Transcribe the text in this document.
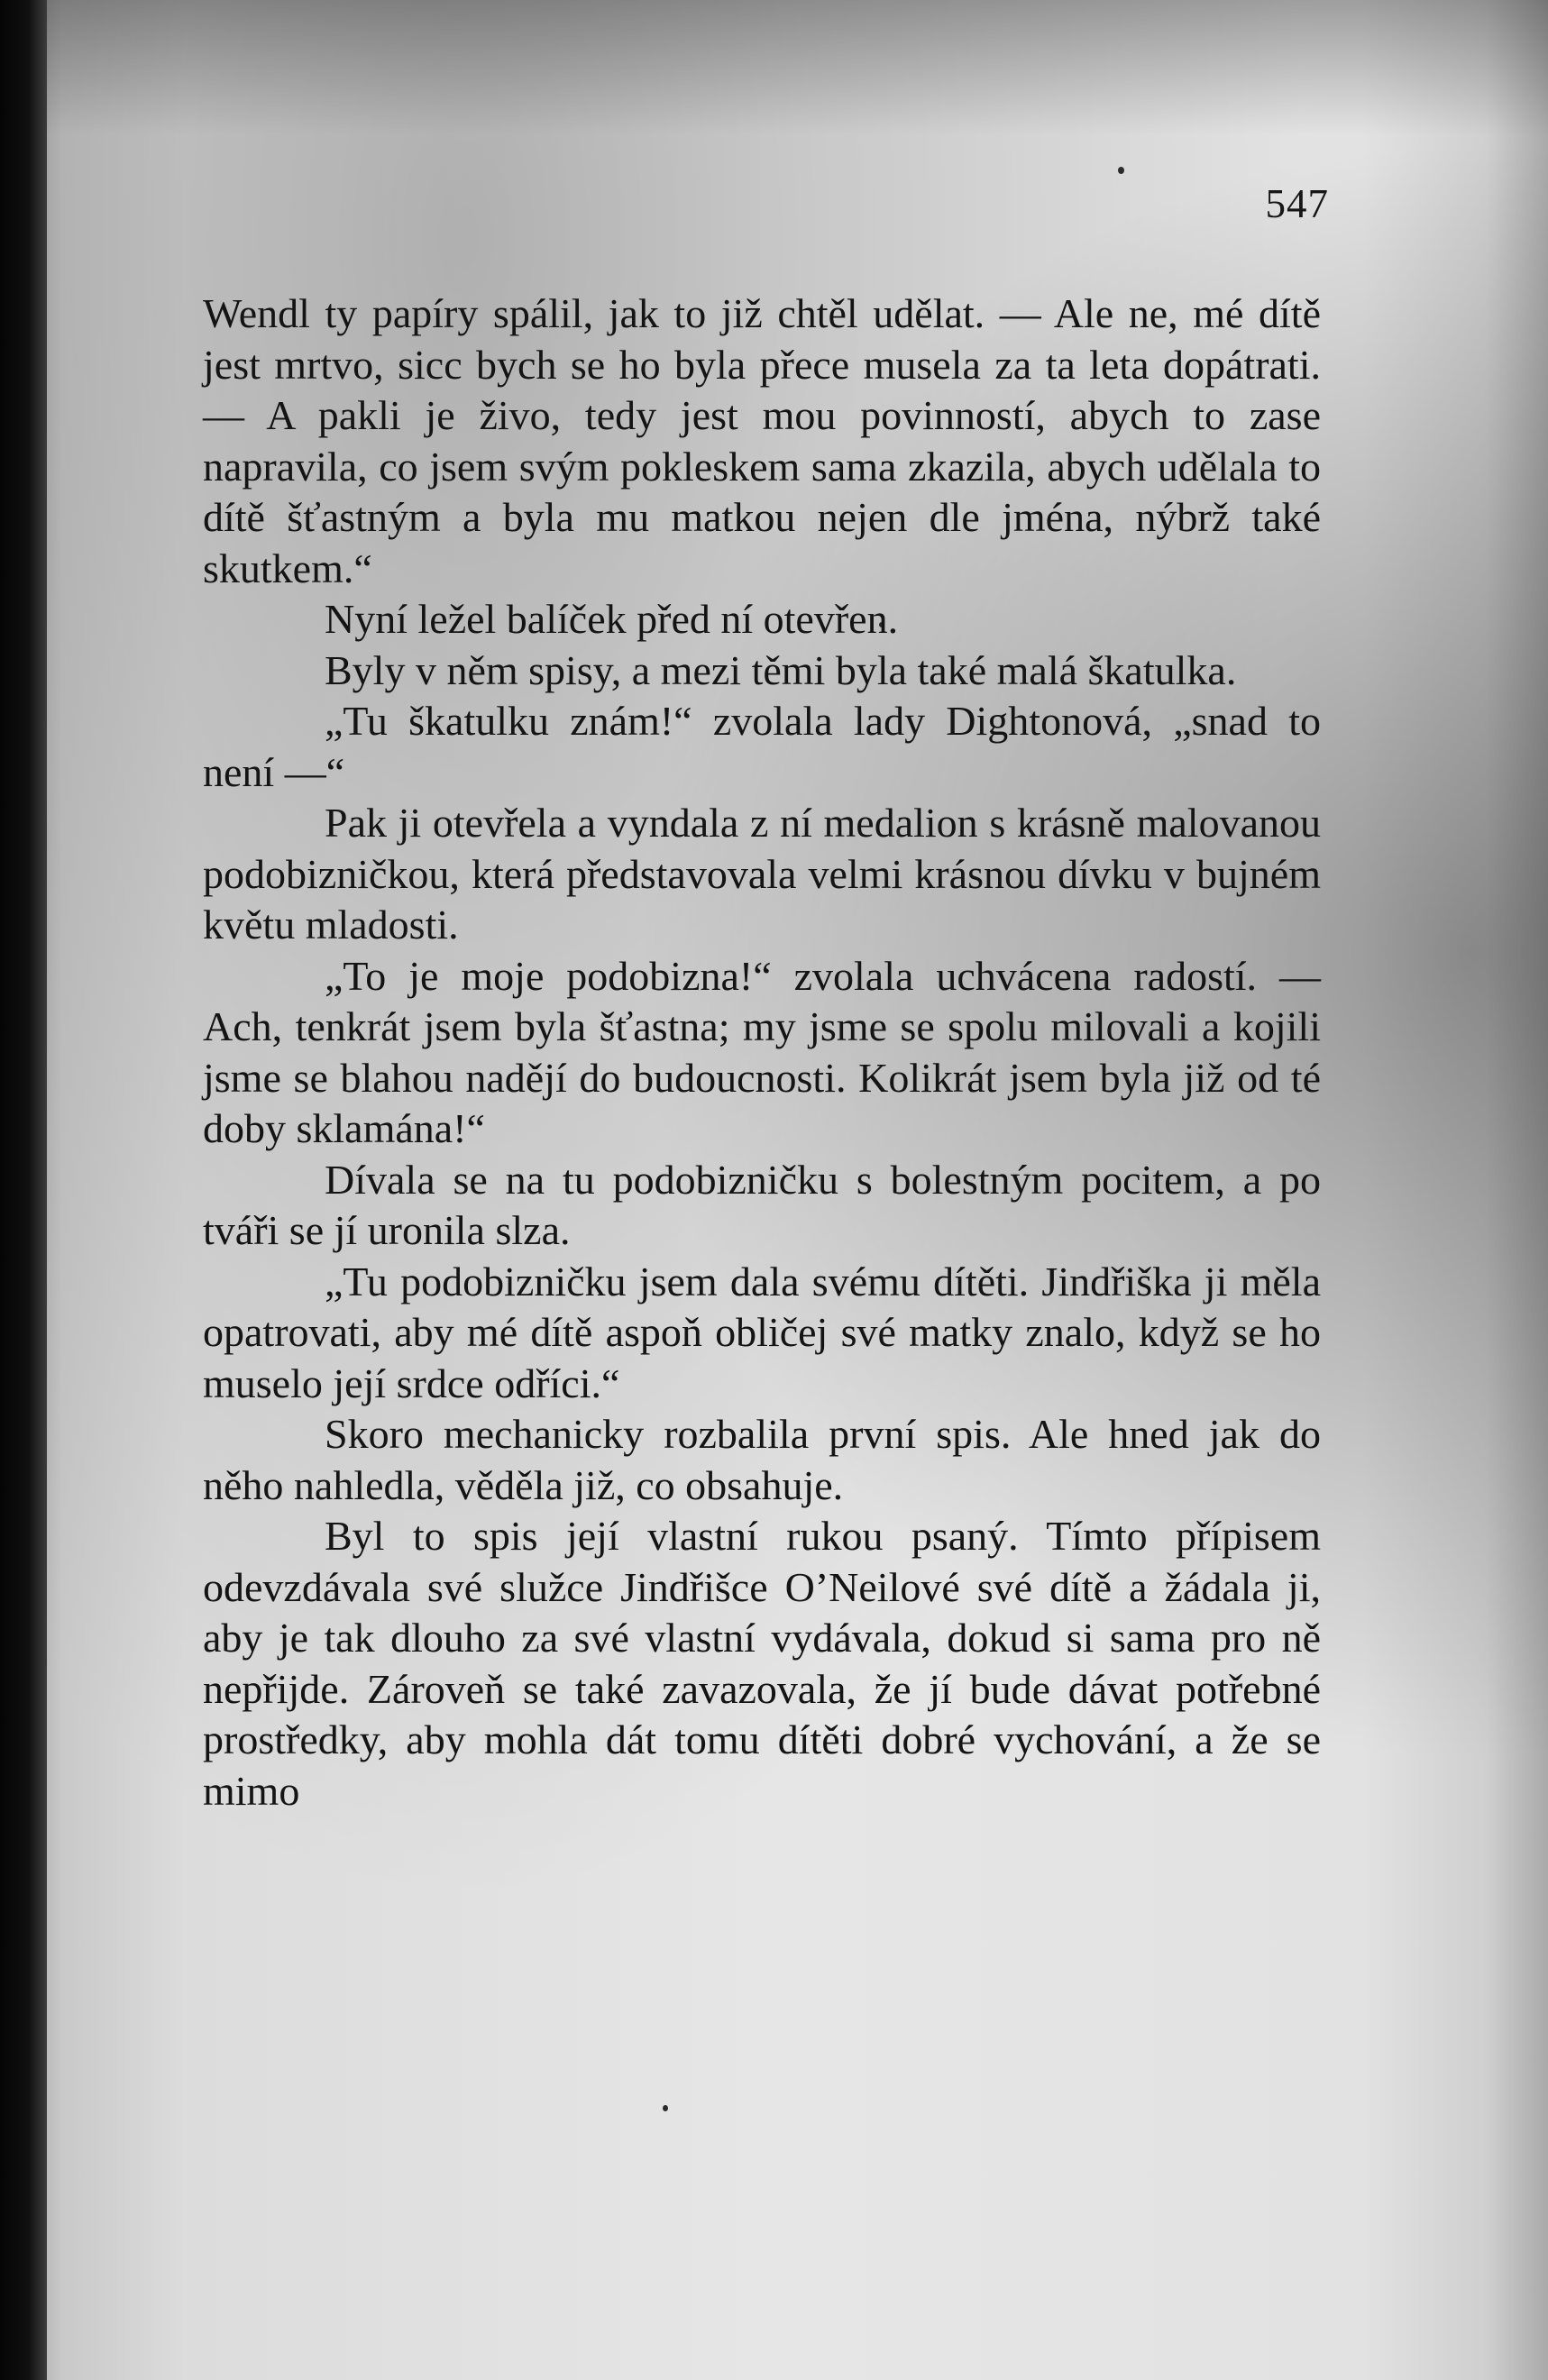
547

Wendl ty papíry spálil, jak to již chtěl udělat. — Ale ne, mé dítě jest mrtvo, sicc bych se ho byla přece musela za ta leta dopátrati. — A pakli je živo, tedy jest mou povinností, abych to zase napravila, co jsem svým pokleskem sama zkazila, abych udělala to dítě šťastným a byla mu matkou nejen dle jména, nýbrž také skutkem.“

Nyní ležel balíček před ní otevřen.

Byly v něm spisy, a mezi těmi byla také malá škatulka.

„Tu škatulku znám!“ zvolala lady Dightonová, „snad to není —“

Pak ji otevřela a vyndala z ní medalion s krásně malovanou podobizničkou, která představovala velmi krásnou dívku v bujném květu mladosti.

„To je moje podobizna!“ zvolala uchvácena radostí. — Ach, tenkrát jsem byla šťastna; my jsme se spolu milovali a kojili jsme se blahou nadějí do budoucnosti. Kolikrát jsem byla již od té doby sklamána!“

Dívala se na tu podobizničku s bolestným pocitem, a po tváři se jí uronila slza.

„Tu podobizničku jsem dala svému dítěti. Jindřiška ji měla opatrovati, aby mé dítě aspoň obličej své matky znalo, když se ho muselo její srdce odříci.“

Skoro mechanicky rozbalila první spis. Ale hned jak do něho nahledla, věděla již, co obsahuje.

Byl to spis její vlastní rukou psaný. Tímto přípisem odevzdávala své služce Jindřišce O’Neilové své dítě a žádala ji, aby je tak dlouho za své vlastní vydávala, dokud si sama pro ně nepřijde. Zároveň se také zavazovala, že jí bude dávat potřebné prostředky, aby mohla dát tomu dítěti dobré vychování, a že se mimo
